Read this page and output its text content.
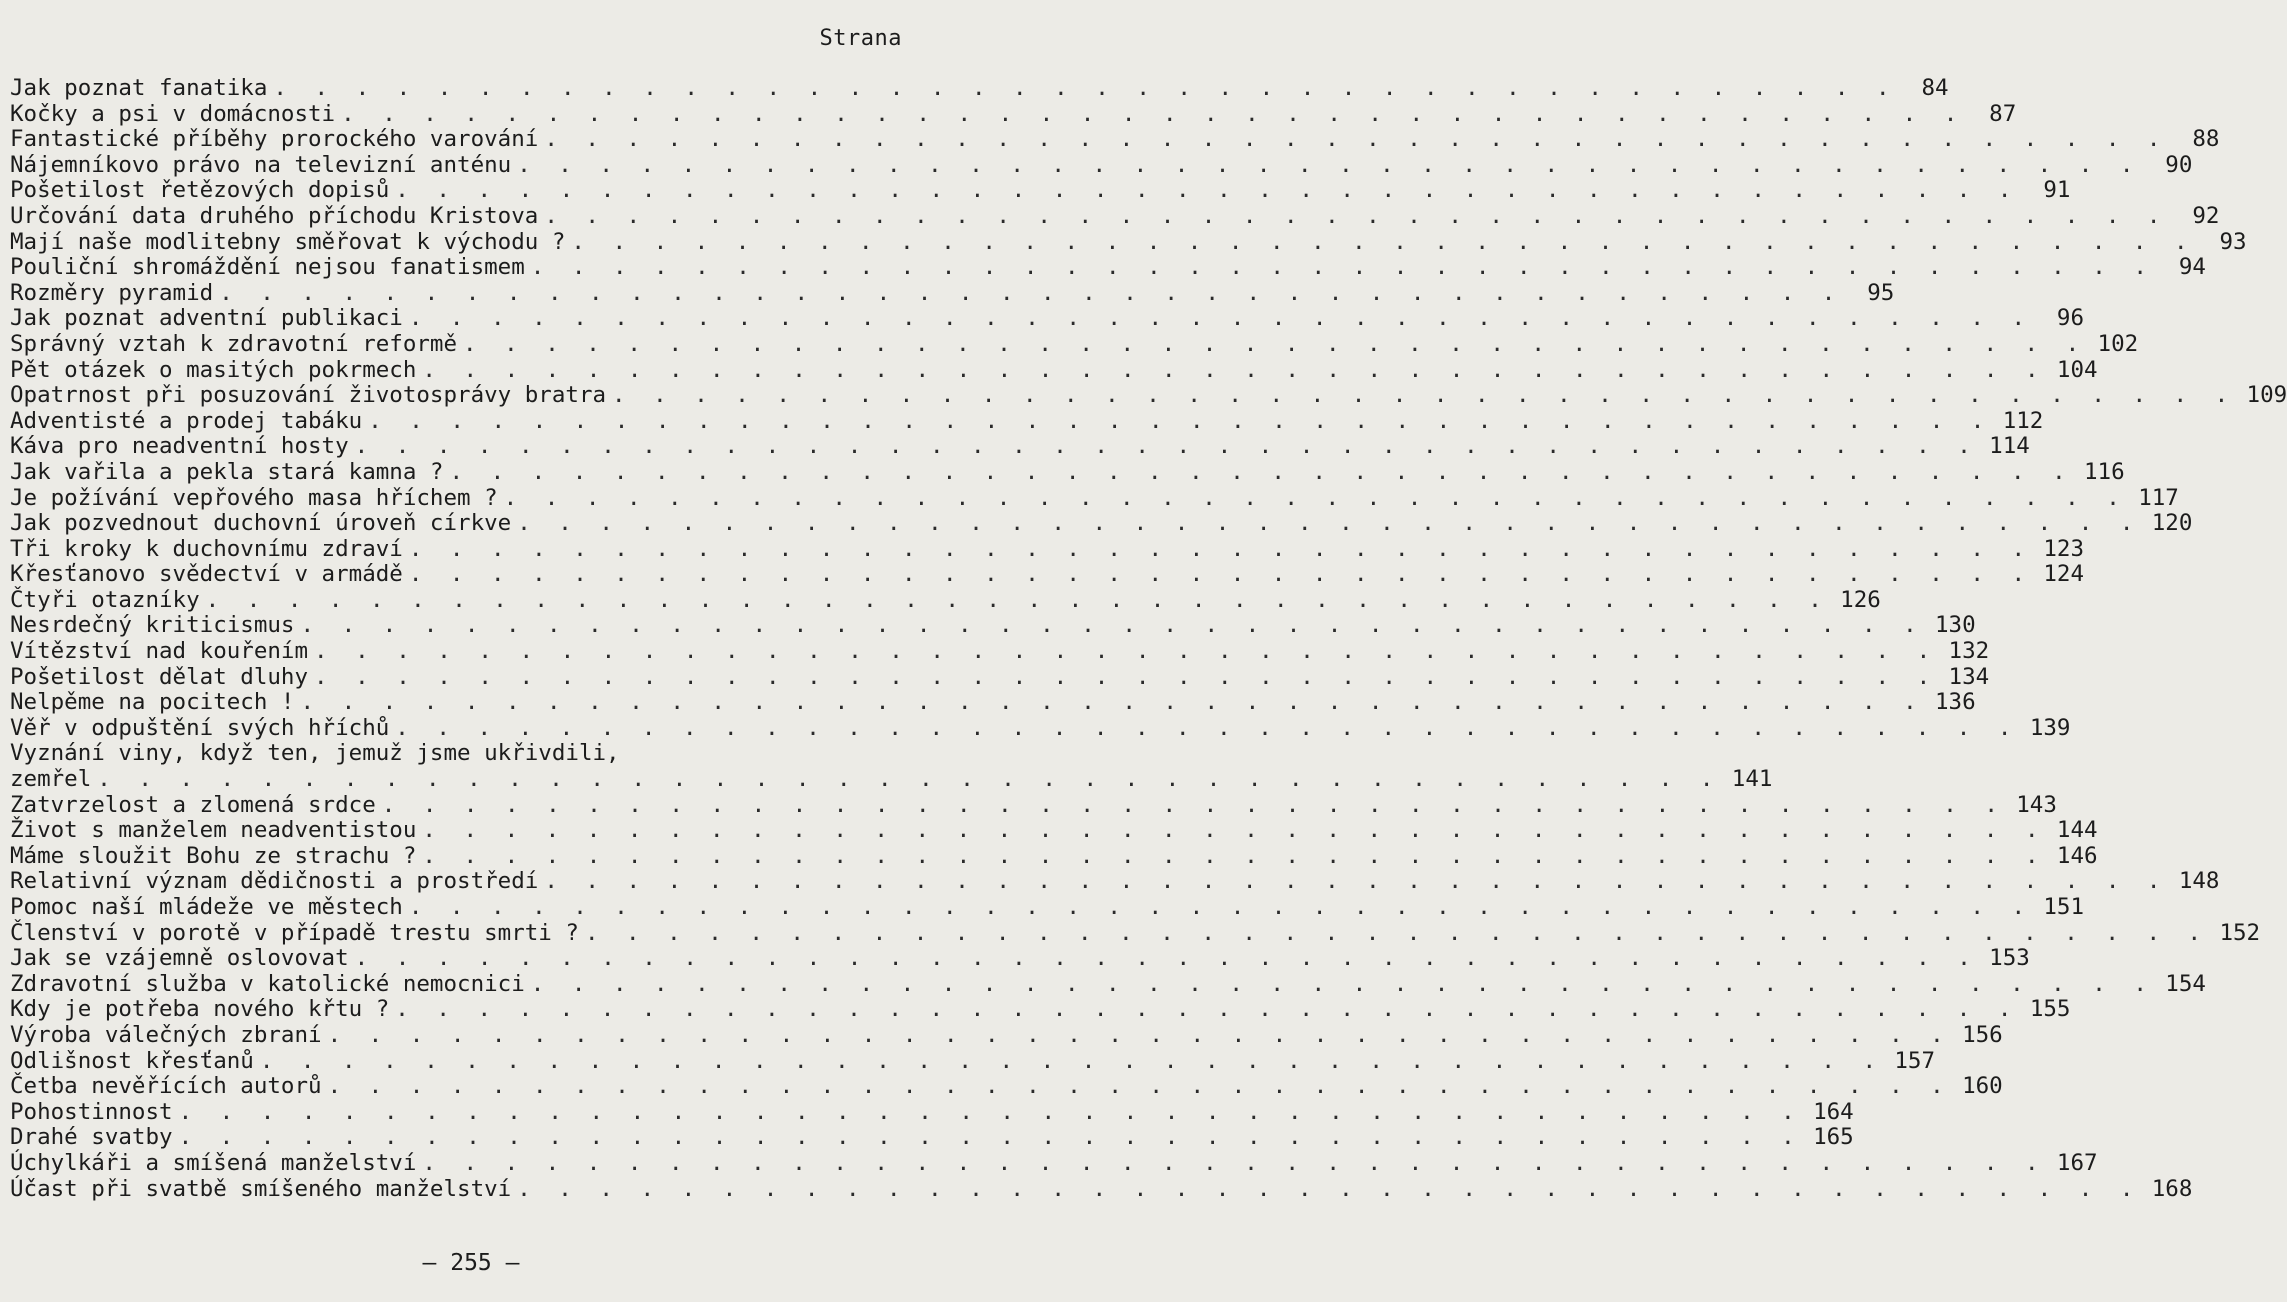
Strana
Jak poznat fanatika . . . . . . . . . . . . . . . . . . . . . . . . . . . . . . . . . . . . . . . .	84
Kočky a psi v domácnosti . . . . . . . . . . . . . . . . . . . . . . . . . . . . . . . . . . . . . . . .	87
Fantastické příběhy prorockého varování . . . . . . . . . . . . . . . . . . . . . . . . . . . . . . . . . . . . . . . .	88
Nájemníkovo právo na televizní anténu . . . . . . . . . . . . . . . . . . . . . . . . . . . . . . . . . . . . . . . .	90
Pošetilost řetězových dopisů . . . . . . . . . . . . . . . . . . . . . . . . . . . . . . . . . . . . . . . .	91
Určování data druhého příchodu Kristova . . . . . . . . . . . . . . . . . . . . . . . . . . . . . . . . . . . . . . . .	92
Mají naše modlitebny směřovat k východu ? . . . . . . . . . . . . . . . . . . . . . . . . . . . . . . . . . . . . . . . .	93
Pouliční shromáždění nejsou fanatismem . . . . . . . . . . . . . . . . . . . . . . . . . . . . . . . . . . . . . . . .	94
Rozměry pyramid . . . . . . . . . . . . . . . . . . . . . . . . . . . . . . . . . . . . . . . .	95
Jak poznat adventní publikaci . . . . . . . . . . . . . . . . . . . . . . . . . . . . . . . . . . . . . . . .	96
Správný vztah k zdravotní reformě . . . . . . . . . . . . . . . . . . . . . . . . . . . . . . . . . . . . . . . . 102
Pět otázek o masitých pokrmech . . . . . . . . . . . . . . . . . . . . . . . . . . . . . . . . . . . . . . . . 104
Opatrnost při posuzování životosprávy bratra . . . . . . . . . . . . . . . . . . . . . . . . . . . . . . . . . . . . . . . . 109
Adventisté a prodej tabáku . . . . . . . . . . . . . . . . . . . . . . . . . . . . . . . . . . . . . . . . 112
Káva pro neadventní hosty . . . . . . . . . . . . . . . . . . . . . . . . . . . . . . . . . . . . . . . . 114
Jak vařila a pekla stará kamna ? . . . . . . . . . . . . . . . . . . . . . . . . . . . . . . . . . . . . . . . . 116
Je požívání vepřového masa hříchem ? . . . . . . . . . . . . . . . . . . . . . . . . . . . . . . . . . . . . . . . . 117
Jak pozvednout duchovní úroveň církve . . . . . . . . . . . . . . . . . . . . . . . . . . . . . . . . . . . . . . . . 120
Tři kroky k duchovnímu zdraví . . . . . . . . . . . . . . . . . . . . . . . . . . . . . . . . . . . . . . . . 123
Křesťanovo svědectví v armádě . . . . . . . . . . . . . . . . . . . . . . . . . . . . . . . . . . . . . . . . 124
Čtyři otazníky . . . . . . . . . . . . . . . . . . . . . . . . . . . . . . . . . . . . . . . . 126
Nesrdečný kriticismus . . . . . . . . . . . . . . . . . . . . . . . . . . . . . . . . . . . . . . . . 130
Vítězství nad kouřením . . . . . . . . . . . . . . . . . . . . . . . . . . . . . . . . . . . . . . . . 132
Pošetilost dělat dluhy . . . . . . . . . . . . . . . . . . . . . . . . . . . . . . . . . . . . . . . . 134
Nelpěme na pocitech ! . . . . . . . . . . . . . . . . . . . . . . . . . . . . . . . . . . . . . . . . 136
Věř v odpuštění svých hříchů . . . . . . . . . . . . . . . . . . . . . . . . . . . . . . . . . . . . . . . . 139
Vyznání viny, když ten, jemuž jsme ukřivdili,
zemřel . . . . . . . . . . . . . . . . . . . . . . . . . . . . . . . . . . . . . . . . 141
Zatvrzelost a zlomená srdce . . . . . . . . . . . . . . . . . . . . . . . . . . . . . . . . . . . . . . . . 143
Život s manželem neadventistou . . . . . . . . . . . . . . . . . . . . . . . . . . . . . . . . . . . . . . . . 144
Máme sloužit Bohu ze strachu ? . . . . . . . . . . . . . . . . . . . . . . . . . . . . . . . . . . . . . . . . 146
Relativní význam dědičnosti a prostředí . . . . . . . . . . . . . . . . . . . . . . . . . . . . . . . . . . . . . . . . 148
Pomoc naší mládeže ve městech . . . . . . . . . . . . . . . . . . . . . . . . . . . . . . . . . . . . . . . . 151
Členství v porotě v případě trestu smrti ? . . . . . . . . . . . . . . . . . . . . . . . . . . . . . . . . . . . . . . . . 152
Jak se vzájemně oslovovat . . . . . . . . . . . . . . . . . . . . . . . . . . . . . . . . . . . . . . . . 153
Zdravotní služba v katolické nemocnici . . . . . . . . . . . . . . . . . . . . . . . . . . . . . . . . . . . . . . . . 154
Kdy je potřeba nového křtu ? . . . . . . . . . . . . . . . . . . . . . . . . . . . . . . . . . . . . . . . . 155
Výroba válečných zbraní . . . . . . . . . . . . . . . . . . . . . . . . . . . . . . . . . . . . . . . . 156
Odlišnost křesťanů . . . . . . . . . . . . . . . . . . . . . . . . . . . . . . . . . . . . . . . . 157
Četba nevěřících autorů . . . . . . . . . . . . . . . . . . . . . . . . . . . . . . . . . . . . . . . . 160
Pohostinnost . . . . . . . . . . . . . . . . . . . . . . . . . . . . . . . . . . . . . . . . 164
Drahé svatby . . . . . . . . . . . . . . . . . . . . . . . . . . . . . . . . . . . . . . . . 165
Úchylkáři a smíšená manželství . . . . . . . . . . . . . . . . . . . . . . . . . . . . . . . . . . . . . . . . 167
Účast při svatbě smíšeného manželství . . . . . . . . . . . . . . . . . . . . . . . . . . . . . . . . . . . . . . . . 168
– 255 –
